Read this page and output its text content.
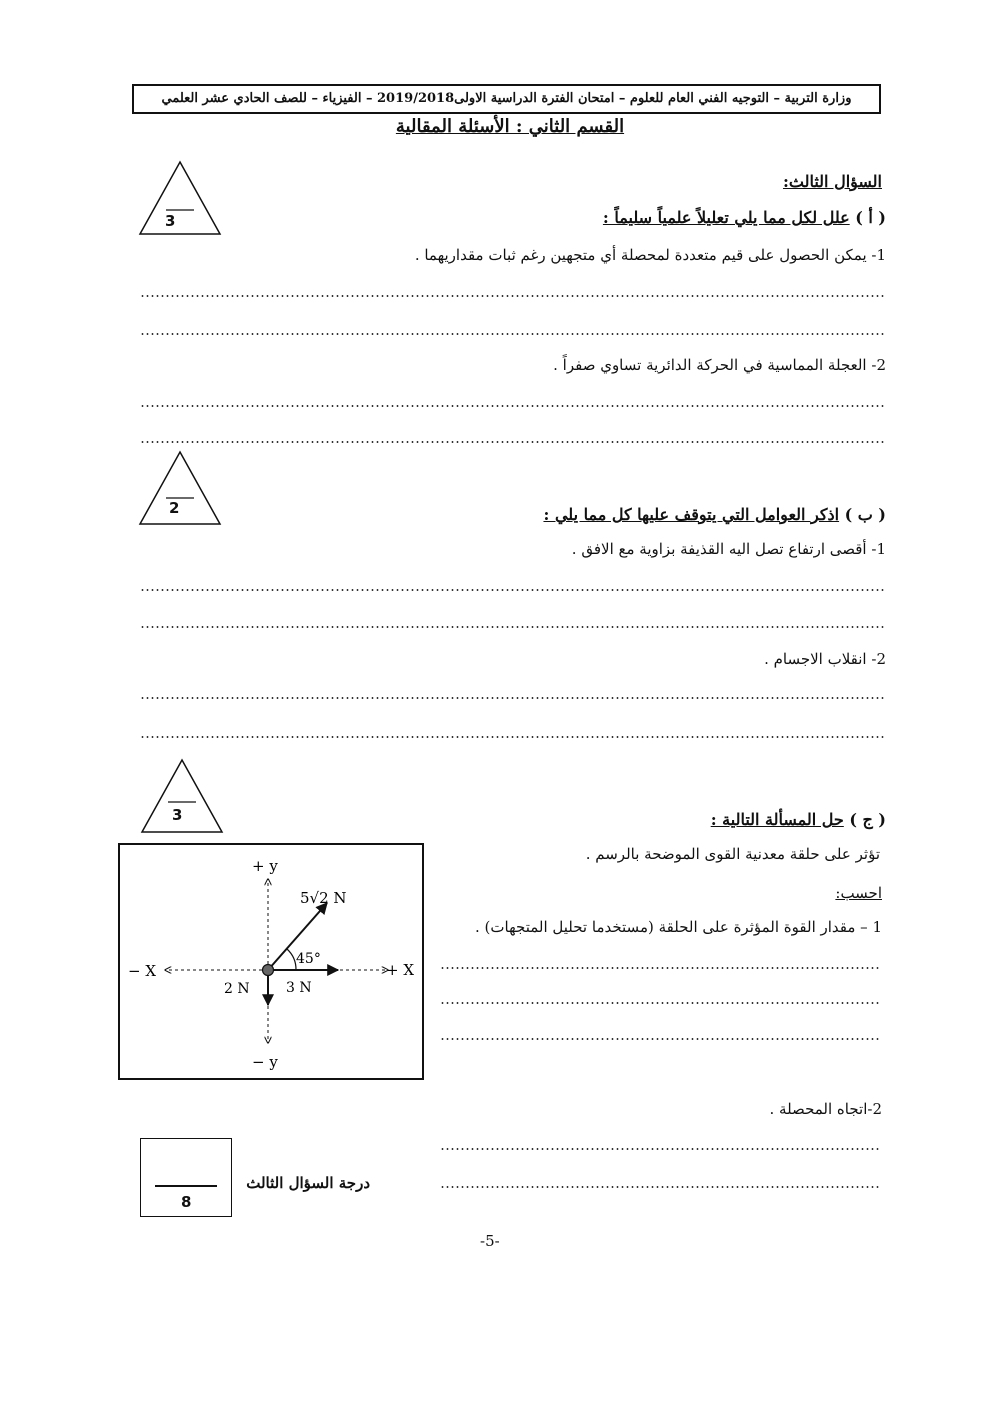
وزارة التربية – التوجيه الفني العام للعلوم – امتحان الفترة الدراسية الاولى2019/2018 – الفيزياء – للصف الحادي عشر العلمي
القسم الثاني : الأسئلة المقالية
السؤال الثالث:
3	( أ ) علل لكل مما يلي تعليلاً علمياً سليماً :
1- يمكن الحصول على قيم متعددة لمحصلة أي متجهين رغم ثبات مقداريهما .
2- العجلة المماسية في الحركة الدائرية تساوي صفراً .
2	( ب ) اذكر العوامل التي يتوقف عليها كل مما يلي :
1- أقصى ارتفاع تصل اليه القذيفة بزاوية مع الافق .
2- انقلاب الاجسام .
3	( ج ) حل المسألة التالية :
تؤثر على حلقة معدنية القوى الموضحة بالرسم .
احسب:
1 – مقدار القوة المؤثرة على الحلقة (مستخدما تحليل المتجهات) .
2-اتجاه المحصلة .
+ y
− y
+ X
− X
5√2 N
45°
3 N
2 N
8
درجة السؤال الثالث
-5-
